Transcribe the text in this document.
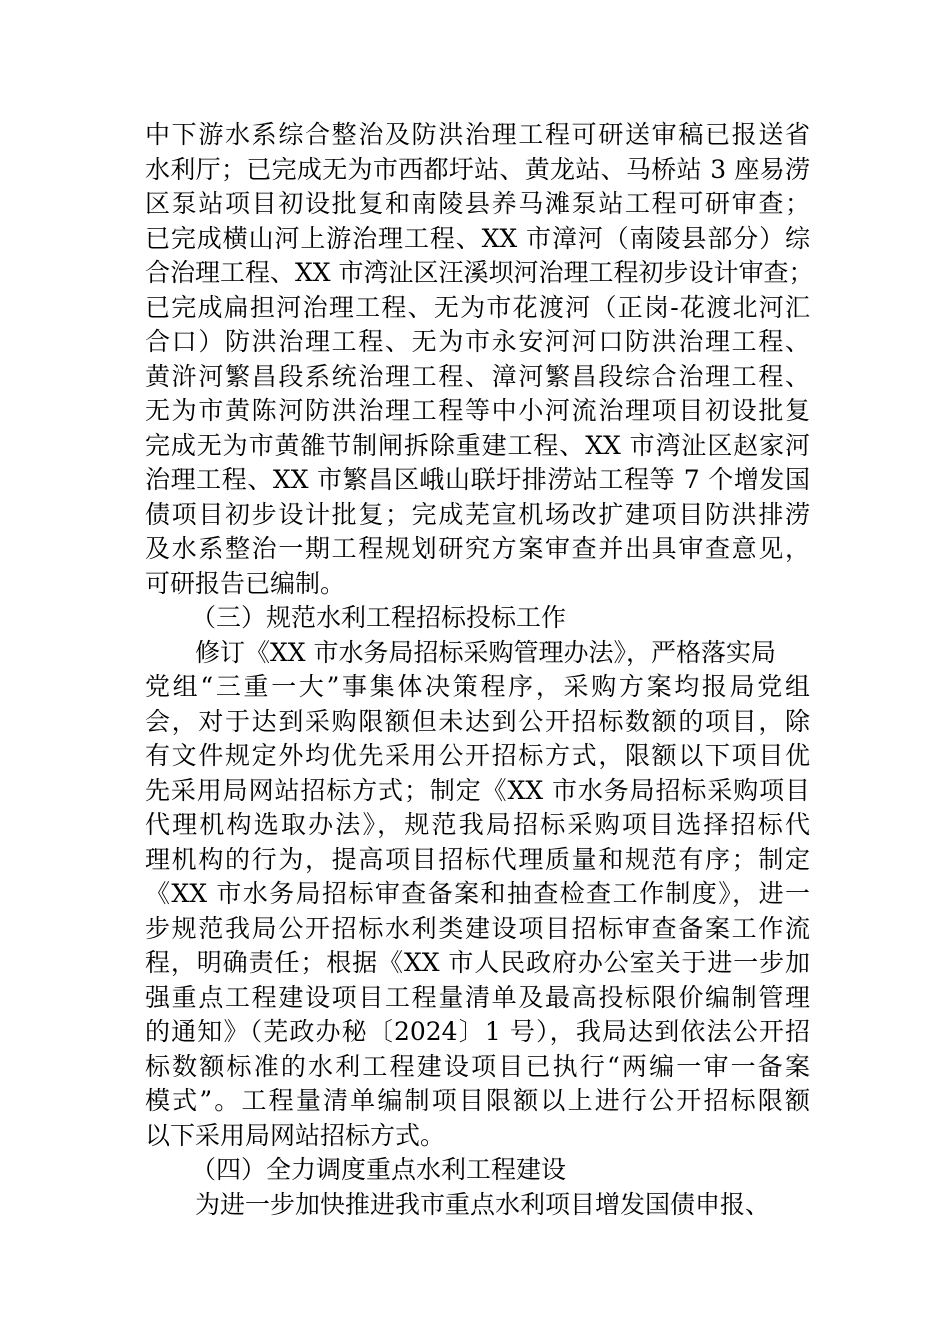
中下游水系综合整治及防洪治理工程可研送审稿已报送省
水利厅；已完成无为市西都圩站、黄龙站、马桥站 3 座易涝
区泵站项目初设批复和南陵县养马滩泵站工程可研审查；
已完成横山河上游治理工程、XX 市漳河（南陵县部分）综
合治理工程、XX 市湾沚区汪溪坝河治理工程初步设计审查；
已完成扁担河治理工程、无为市花渡河（正岗-花渡北河汇
合口）防洪治理工程、无为市永安河河口防洪治理工程、
黄浒河繁昌段系统治理工程、漳河繁昌段综合治理工程、
无为市黄陈河防洪治理工程等中小河流治理项目初设批复
完成无为市黄雒节制闸拆除重建工程、XX 市湾沚区赵家河
治理工程、XX 市繁昌区峨山联圩排涝站工程等 7 个增发国
债项目初步设计批复；完成芜宣机场改扩建项目防洪排涝
及水系整治一期工程规划研究方案审查并出具审查意见，
可研报告已编制。
（三）规范水利工程招标投标工作
修订《XX 市水务局招标采购管理办法》，严格落实局
党组“三重一大”事集体决策程序，采购方案均报局党组
会，对于达到采购限额但未达到公开招标数额的项目，除
有文件规定外均优先采用公开招标方式，限额以下项目优
先采用局网站招标方式；制定《XX 市水务局招标采购项目
代理机构选取办法》，规范我局招标采购项目选择招标代
理机构的行为，提高项目招标代理质量和规范有序；制定
《XX 市水务局招标审查备案和抽查检查工作制度》，进一
步规范我局公开招标水利类建设项目招标审查备案工作流
程，明确责任；根据《XX 市人民政府办公室关于进一步加
强重点工程建设项目工程量清单及最高投标限价编制管理
的通知》（芜政办秘〔2024〕1 号），我局达到依法公开招
标数额标准的水利工程建设项目已执行“两编一审一备案
模式”。工程量清单编制项目限额以上进行公开招标限额
以下采用局网站招标方式。
（四）全力调度重点水利工程建设
为进一步加快推进我市重点水利项目增发国债申报、
